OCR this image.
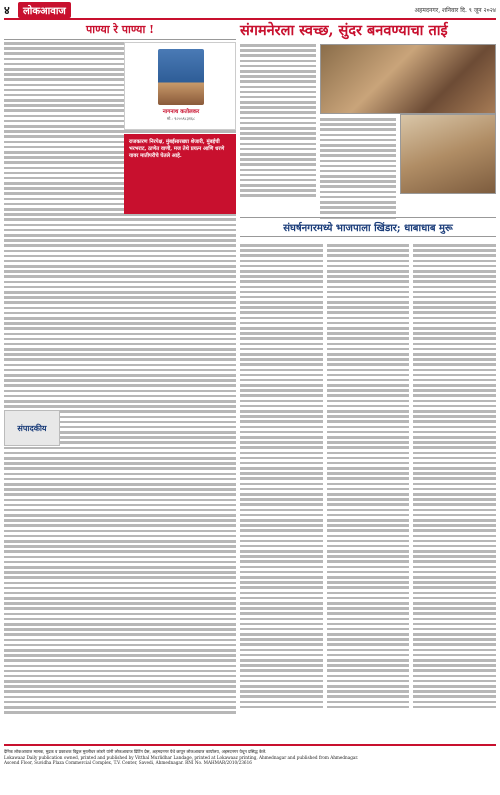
४	लोकआवाज	अहमदनगर, शनिवार दि. ९ जून २०२४
पाण्या रे पाण्या !
नागनाथ कतोलकर
मो.: ९८५५९८३१६८
राजकारण निरपेक्ष, मुंबईसारख्या शेजारी, मुंबईची भरभराट, ठाणेत वाणी, मज तेथे प्रयत्न आणि धरणे यावर मातीपरीचे घेतले आहे.
संपादकीय
संगमनेरला स्वच्छ, सुंदर बनवण्याचा ताई
संघर्षनगरमध्ये भाजपाला खिंडार; धाबाधाब मुरू

दैनिक लोकआवाज मालक, मुद्रक व प्रकाशक विठ्ठल मुरलीधर लांडगे यांनी लोकआवाज प्रिंटिंग प्रेस, अहमदनगर येथे छापून लोकआवाज कार्यालय, अहमदनगर येथून प्रसिद्ध केले.

Lokawaaz Daily publication owned, printed and published by Vitthal Murlidhar Landage, printed at Lokawaaz printing, Ahmednagar and published from Ahmednagar.

Ascend Floor, Suvidha Plaza Commercial Complex, T.V. Center, Savedi, Ahmednagar. RNI No. MAHMAR/2010/23616
